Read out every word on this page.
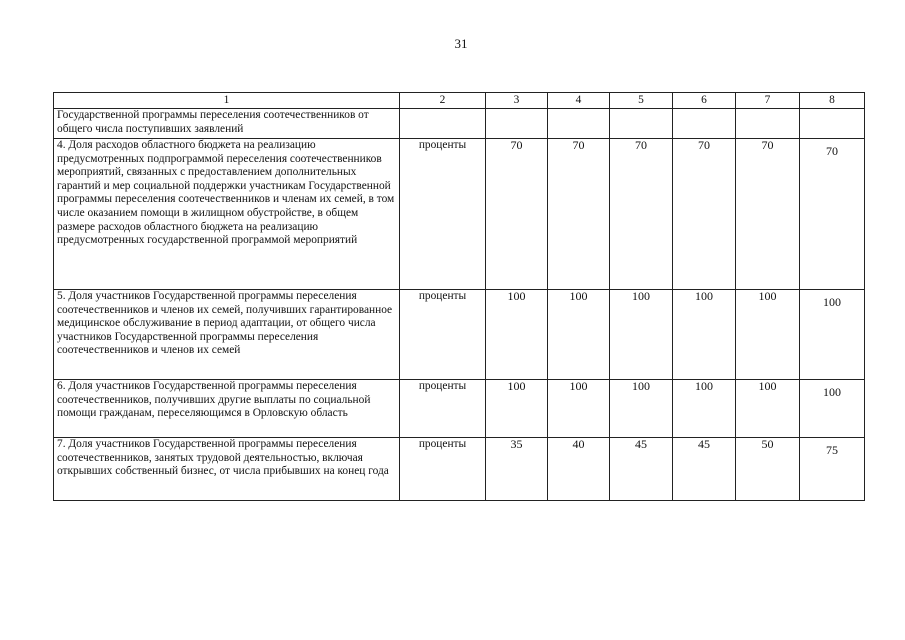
31
1	2	3	4	5	6	7	8
Государственной программы переселения соотечественников от общего числа поступивших заявлений							
4. Доля расходов областного бюджета на реализацию предусмотренных подпрограммой переселения соотечественников мероприятий, связанных с предоставлением дополнительных гарантий и мер социальной поддержки участникам Государственной программы переселения соотечественников и членам их семей, в том числе оказанием помощи в жилищном обустройстве, в общем размере расходов областного бюджета на реализацию предусмотренных государственной программой мероприятий	проценты	70	70	70	70	70	70
5. Доля участников Государственной программы переселения соотечественников и членов их семей, получивших гарантированное медицинское обслуживание в период адаптации, от общего числа участников Государственной программы переселения соотечественников и членов их семей	проценты	100	100	100	100	100	100
6. Доля участников Государственной программы переселения соотечественников, получивших другие выплаты по социальной помощи гражданам, переселяющимся в Орловскую область	проценты	100	100	100	100	100	100
7. Доля участников Государственной программы переселения соотечественников, занятых трудовой деятельностью, включая открывших собственный бизнес, от числа прибывших на конец года	проценты	35	40	45	45	50	75
